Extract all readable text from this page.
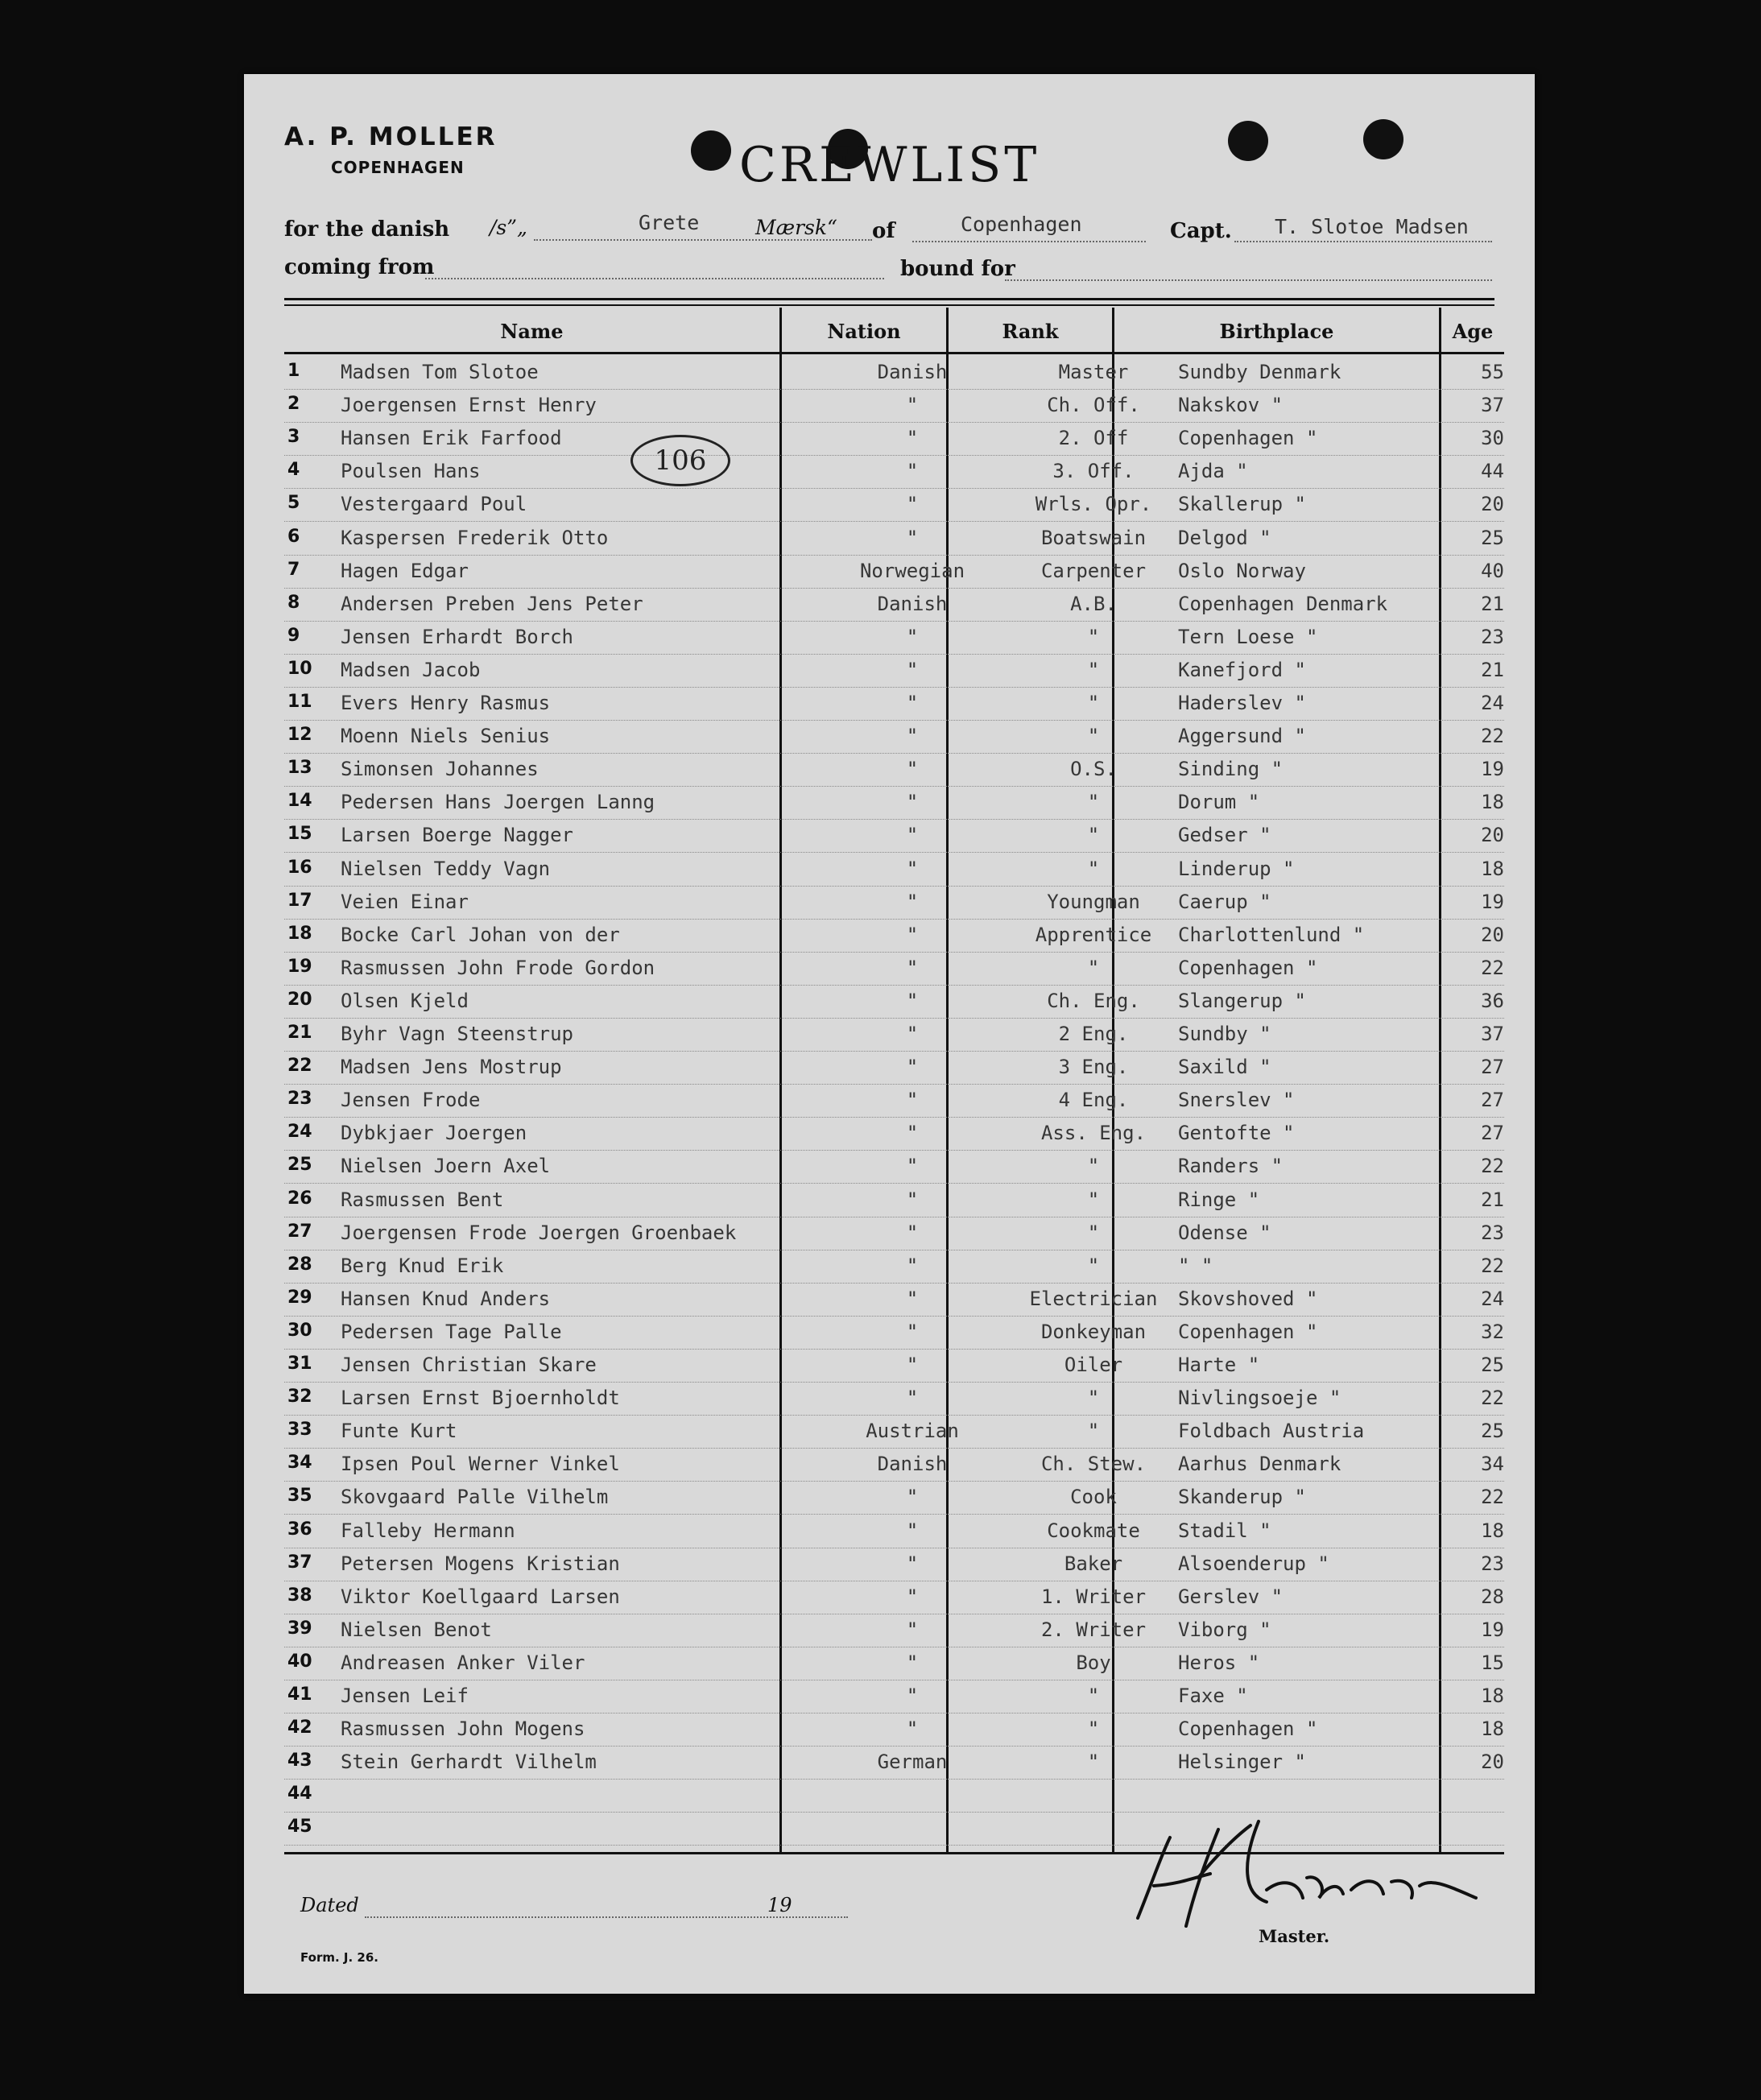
A. P. MOLLER
COPENHAGEN	CREWLIST
for the danish /s”„	Grete	Mærsk“ of	Copenhagen	Capt. T. Slotoe Madsen
coming from	bound for
Name	Nation	Rank	Birthplace	Age
1 Madsen Tom Slotoe	Danish	Master	Sundby Denmark	55
2 Joergensen Ernst Henry	"	Ch. Off.	Nakskov "	37
3 Hansen Erik Farfood	"	2. Off	Copenhagen "	30
4 Poulsen Hans	"	3. Off.	Ajda "	44
5 Vestergaard Poul	"	Wrls. Opr.	Skallerup "	20
6 Kaspersen Frederik Otto	"	Boatswain	Delgod "	25
7 Hagen Edgar	Norwegian	Carpenter	Oslo Norway	40
8 Andersen Preben Jens Peter	Danish	A.B.	Copenhagen Denmark	21
9 Jensen Erhardt Borch	"	"	Tern Loese "	23
10 Madsen Jacob	"	"	Kanefjord "	21
11 Evers Henry Rasmus	"	"	Haderslev "	24
12 Moenn Niels Senius	"	"	Aggersund "	22
13 Simonsen Johannes	"	O.S.	Sinding "	19
14 Pedersen Hans Joergen Lanng	"	"	Dorum "	18
15 Larsen Boerge Nagger	"	"	Gedser "	20
16 Nielsen Teddy Vagn	"	"	Linderup "	18
17 Veien Einar	"	Youngman	Caerup "	19
18 Bocke Carl Johan von der	"	Apprentice	Charlottenlund "	20
19 Rasmussen John Frode Gordon	"	"	Copenhagen "	22
20 Olsen Kjeld	"	Ch. Eng.	Slangerup "	36
21 Byhr Vagn Steenstrup	"	2 Eng.	Sundby "	37
22 Madsen Jens Mostrup	"	3 Eng.	Saxild "	27
23 Jensen Frode	"	4 Eng.	Snerslev "	27
24 Dybkjaer Joergen	"	Ass. Eng.	Gentofte "	27
25 Nielsen Joern Axel	"	"	Randers "	22
26 Rasmussen Bent	"	"	Ringe "	21
27 Joergensen Frode Joergen Groenbaek	"	"	Odense "	23
28 Berg Knud Erik	"	"	" "	22
29 Hansen Knud Anders	"	Electrician	Skovshoved "	24
30 Pedersen Tage Palle	"	Donkeyman	Copenhagen "	32
31 Jensen Christian Skare	"	Oiler	Harte "	25
32 Larsen Ernst Bjoernholdt	"	"	Nivlingsoeje "	22
33 Funte Kurt	Austrian	"	Foldbach Austria	25
34 Ipsen Poul Werner Vinkel	Danish	Ch. Stew.	Aarhus Denmark	34
35 Skovgaard Palle Vilhelm	"	Cook	Skanderup "	22
36 Falleby Hermann	"	Cookmate	Stadil "	18
37 Petersen Mogens Kristian	"	Baker	Alsoenderup "	23
38 Viktor Koellgaard Larsen	"	1. Writer	Gerslev "	28
39 Nielsen Benot	"	2. Writer	Viborg "	19
40 Andreasen Anker Viler	"	Boy	Heros "	15
41 Jensen Leif	"	"	Faxe "	18
42 Rasmussen John Mogens	"	"	Copenhagen "	18
43 Stein Gerhardt Vilhelm	German	"	Helsinger "	20
44
45
106
Dated	19
Master.
Form. J. 26.
